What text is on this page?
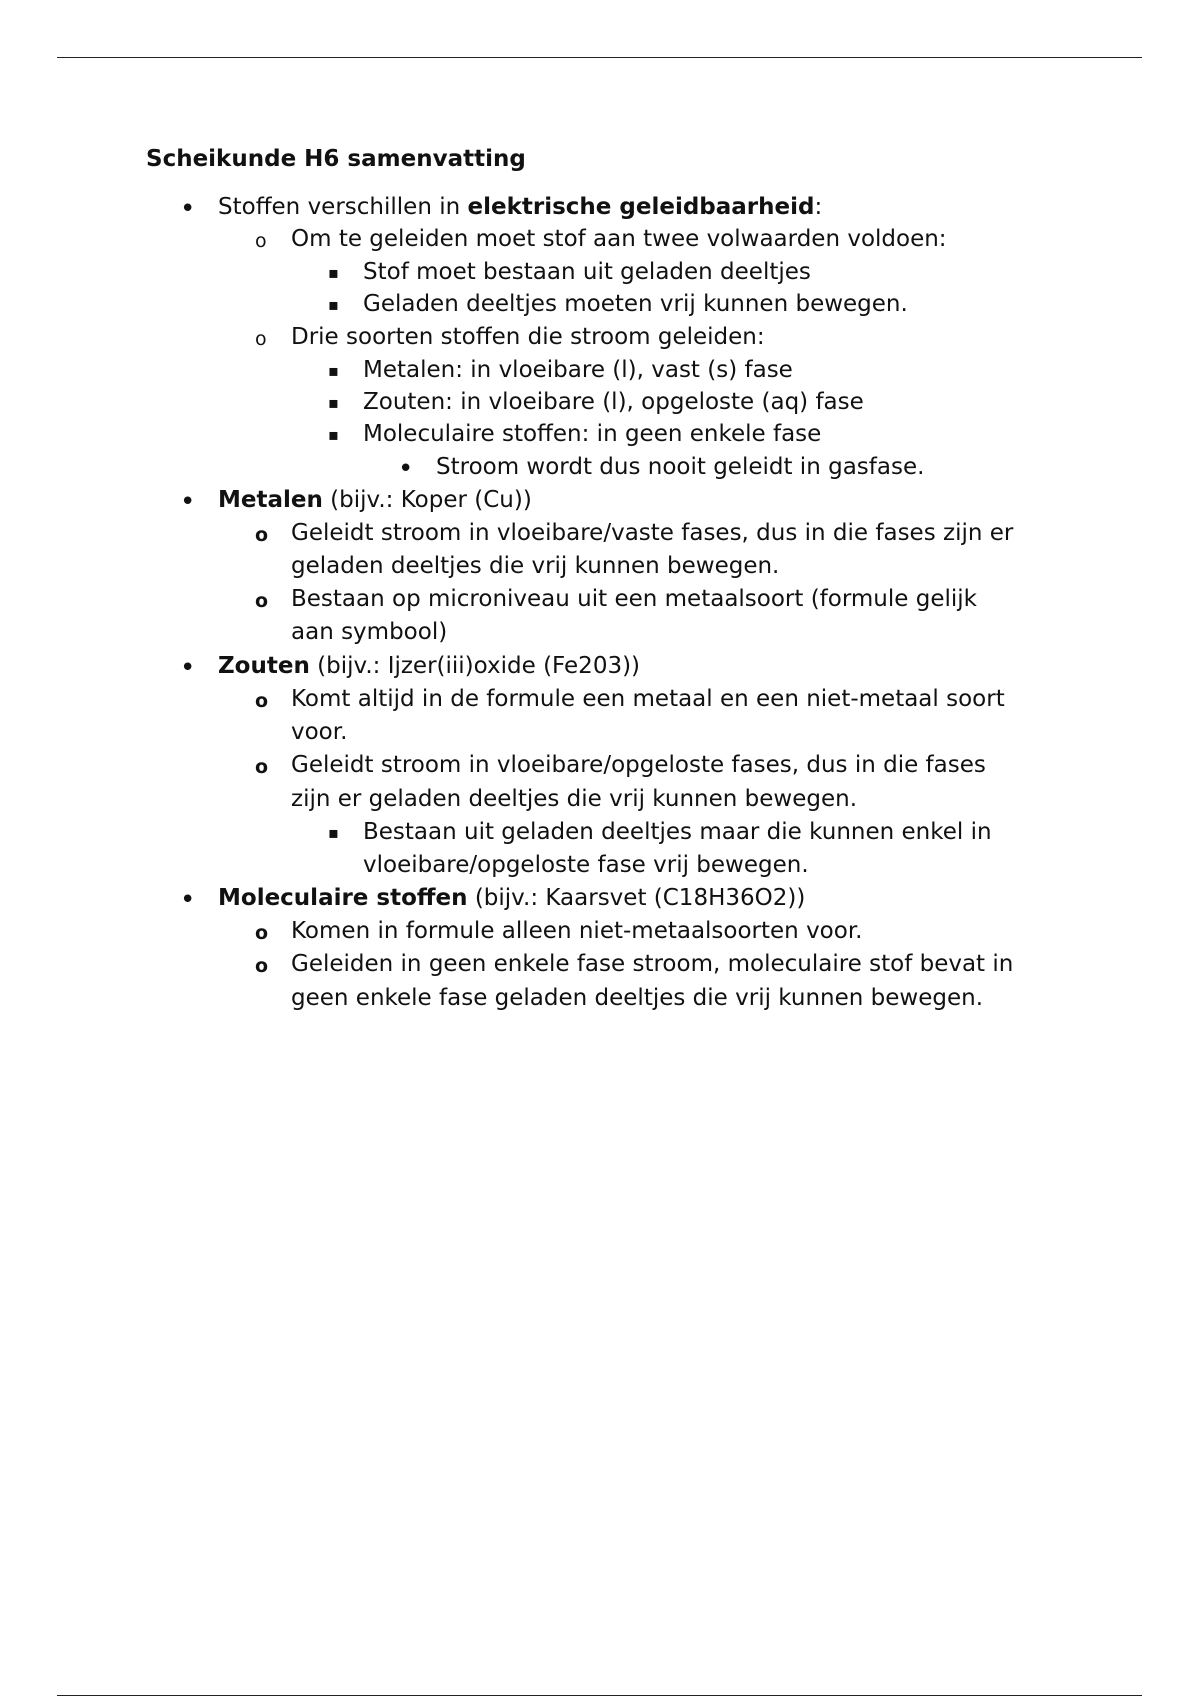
Scheikunde H6 samenvatting
• Stoffen verschillen in elektrische geleidbaarheid:
o Om te geleiden moet stof aan twee volwaarden voldoen:
▪ Stof moet bestaan uit geladen deeltjes
▪ Geladen deeltjes moeten vrij kunnen bewegen.
o Drie soorten stoffen die stroom geleiden:
▪ Metalen: in vloeibare (l), vast (s) fase
▪ Zouten: in vloeibare (l), opgeloste (aq) fase
▪ Moleculaire stoffen: in geen enkele fase
• Stroom wordt dus nooit geleidt in gasfase.
• Metalen (bijv.: Koper (Cu))
o Geleidt stroom in vloeibare/vaste fases, dus in die fases zijn er
geladen deeltjes die vrij kunnen bewegen.
o Bestaan op microniveau uit een metaalsoort (formule gelijk
aan symbool)
• Zouten (bijv.: Ijzer(iii)oxide (Fe203))
o Komt altijd in de formule een metaal en een niet-metaal soort
voor.
o Geleidt stroom in vloeibare/opgeloste fases, dus in die fases
zijn er geladen deeltjes die vrij kunnen bewegen.
▪ Bestaan uit geladen deeltjes maar die kunnen enkel in
vloeibare/opgeloste fase vrij bewegen.
• Moleculaire stoffen (bijv.: Kaarsvet (C18H36O2))
o Komen in formule alleen niet-metaalsoorten voor.
o Geleiden in geen enkele fase stroom, moleculaire stof bevat in
geen enkele fase geladen deeltjes die vrij kunnen bewegen.
